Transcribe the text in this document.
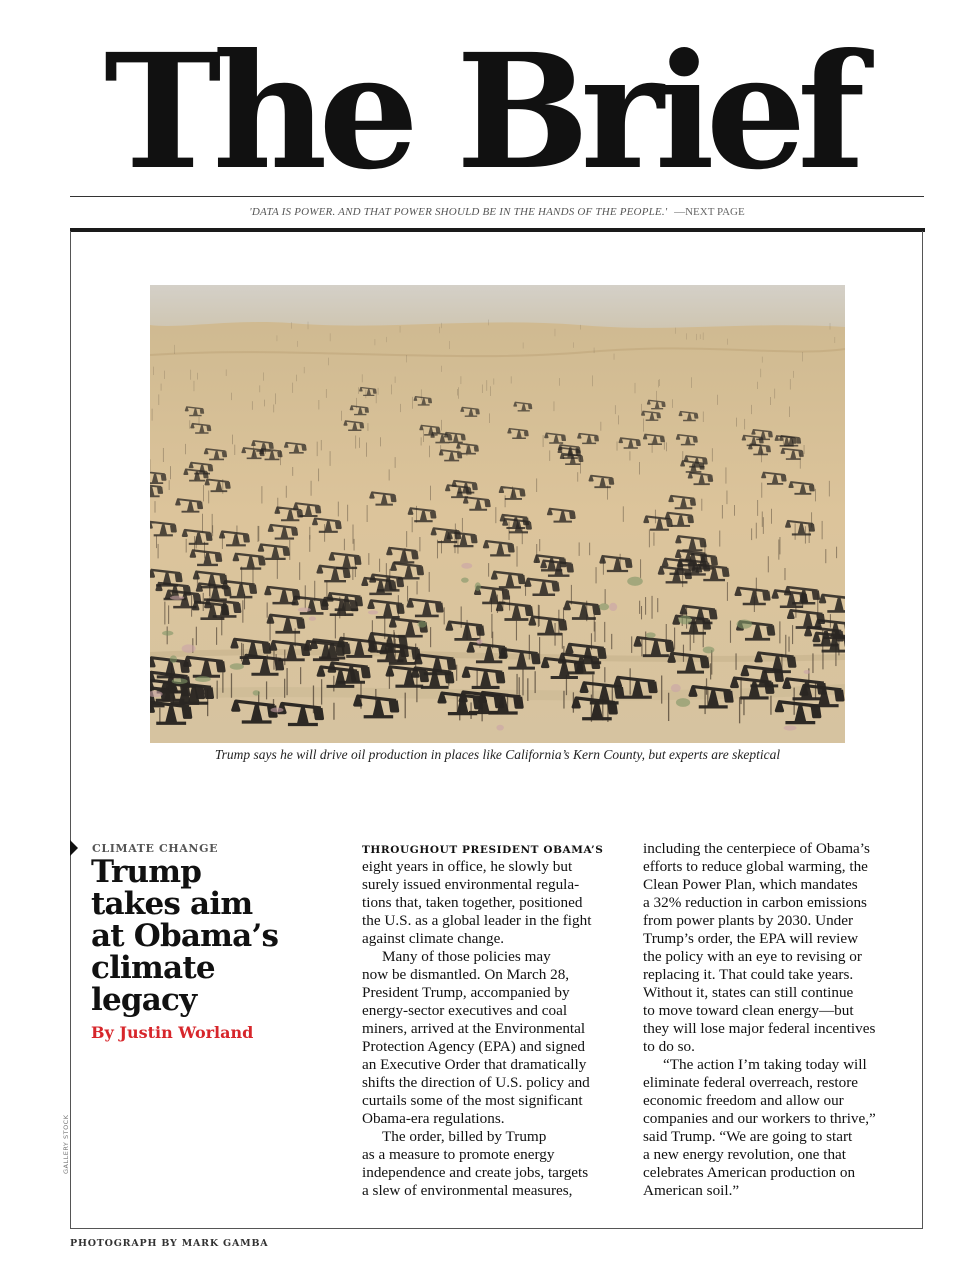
The Brief
'DATA IS POWER. AND THAT POWER SHOULD BE IN THE HANDS OF THE PEOPLE.' —NEXT PAGE
Trump says he will drive oil production in places like California’s Kern County, but experts are skeptical
CLIMATE CHANGE
Trump
takes aim
at Obama’s
climate
legacy
By Justin Worland
THROUGHOUT PRESIDENT OBAMA’S
eight years in office, he slowly but
surely issued environmental regula-
tions that, taken together, positioned
the U.S. as a global leader in the fight
against climate change.
Many of those policies may
now be dismantled. On March 28,
President Trump, accompanied by
energy-sector executives and coal
miners, arrived at the Environmental
Protection Agency (EPA) and signed
an Executive Order that dramatically
shifts the direction of U.S. policy and
curtails some of the most significant
Obama-era regulations.
The order, billed by Trump
as a measure to promote energy
independence and create jobs, targets
a slew of environmental measures,
including the centerpiece of Obama’s
efforts to reduce global warming, the
Clean Power Plan, which mandates
a 32% reduction in carbon emissions
from power plants by 2030. Under
Trump’s order, the EPA will review
the policy with an eye to revising or
replacing it. That could take years.
Without it, states can still continue
to move toward clean energy—but
they will lose major federal incentives
to do so.
“The action I’m taking today will
eliminate federal overreach, restore
economic freedom and allow our
companies and our workers to thrive,”
said Trump. “We are going to start
a new energy revolution, one that
celebrates American production on
American soil.”
GALLERY STOCK
PHOTOGRAPH BY MARK GAMBA
